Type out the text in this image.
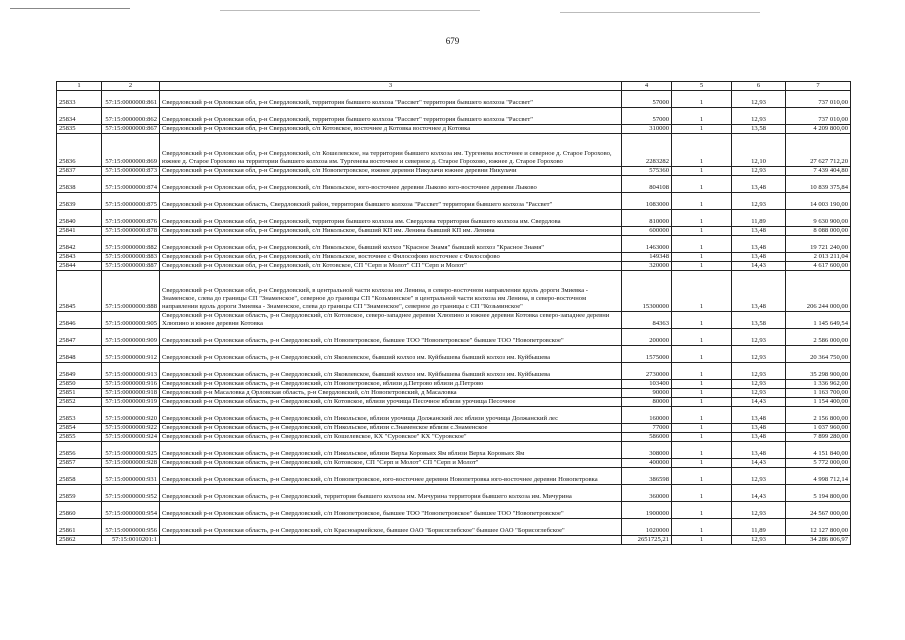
679
1	2	3	4	5	6	7
25833	57:15:0000000:861	Свердловский р-н Орловская обл, р-н Свердловский, территория бывшего колхоза "Рассвет" территория бывшего колхоза "Рассвет"	57000	1	12,93	737 010,00
25834	57:15:0000000:862	Свердловский р-н Орловская обл, р-н Свердловский, территория бывшего колхоза "Рассвет" территория бывшего колхоза "Рассвет"	57000	1	12,93	737 010,00
25835	57:15:0000000:867	Свердловский р-н Орловская обл, р-н Свердловский, с/п Котовское, восточнее д Котовка восточнее д Котовка	310000	1	13,58	4 209 800,00
25836	57:15:0000000:869	Свердловский р-н Орловская обл, р-н Свердловский, с/п Кошелевское, на территории бывшего колхоза им. Тургенева восточнее и северное д. Старое Горохово, южнее д. Старое Горохово на территории бывшего колхоза им. Тургенева восточнее и северное д. Старое Горохово, южнее д. Старое Горохово	2283282	1	12,10	27 627 712,20
25837	57:15:0000000:873	Свердловский р-н Орловская обл, р-н Свердловский, с/п Новопетровское, южнее деревни Никулачи южнее деревни Никулачи	575360	1	12,93	7 439 404,80
25838	57:15:0000000:874	Свердловский р-н Орловская обл, р-н Свердловский, с/п Никольское, юго-восточнее деревни Лыково юго-восточнее деревни Лыково	804108	1	13,48	10 839 375,84
25839	57:15:0000000:875	Свердловский р-н Орловская область, Свердловский район, территория бывшего колхоза "Рассвет" территория бывшего колхоза "Рассвет"	1083000	1	12,93	14 003 190,00
25840	57:15:0000000:876	Свердловский р-н Орловская обл, р-н Свердловский, территория бывшего колхоза им. Свердлова территория бывшего колхоза им. Свердлова	810000	1	11,89	9 630 900,00
25841	57:15:0000000:878	Свердловский р-н Орловская обл, р-н Свердловский, с/п Никольское, бывший КП им. Ленина бывший КП им. Ленина	600000	1	13,48	8 088 000,00
25842	57:15:0000000:882	Свердловский р-н Орловская обл, р-н Свердловский, с/п Никольское, бывший колхоз "Красное Знамя" бывший колхоз "Красное Знамя"	1463000	1	13,48	19 721 240,00
25843	57:15:0000000:883	Свердловский р-н Орловская обл, р-н Свердловский, с/п Никольское, восточнее с Философово восточнее с Философово	149348	1	13,48	2 013 211,04
25844	57:15:0000000:887	Свердловский р-н Орловская обл, р-н Свердловский, с/п Котовское, СП "Серп и Молот" СП "Серп и Молот"	320000	1	14,43	4 617 600,00
25845	57:15:0000000:888	Свердловский р-н Орловская обл, р-н Свердловский, в центральной части колхоза им Ленина, в северо-восточном направлении вдоль дороги Змиевка - Знаменское, слева до границы СП "Знаменское", северное до границы СП "Козьминское" в центральной части колхоза им Ленина, в северо-восточном направлении вдоль дороги Змиевка - Знаменское, слева до границы СП "Знаменское", северное до границы с СП "Козьминское"	15300000	1	13,48	206 244 000,00
25846	57:15:0000000:905	Свердловский р-н Орловская область, р-н Свердловский, с/п Котовское, северо-западнее деревни Хлюпино и южнее деревни Котовка северо-западнее деревни Хлюпино и южнее деревни Котовка	84363	1	13,58	1 145 649,54
25847	57:15:0000000:909	Свердловский р-н Орловская область, р-н Свердловский, с/п Новопетровское, бывшее ТОО "Новопетровское" бывшее ТОО "Новопетровское"	200000	1	12,93	2 586 000,00
25848	57:15:0000000:912	Свердловский р-н Орловская область, р-н Свердловский, с/п Яковлевское, бывший колхоз им. Куйбышева бывший колхоз им. Куйбышева	1575000	1	12,93	20 364 750,00
25849	57:15:0000000:913	Свердловский р-н Орловская область, р-н Свердловский, с/п Яковлевское, бывший колхоз им. Куйбышева бывший колхоз им. Куйбышева	2730000	1	12,93	35 298 900,00
25850	57:15:0000000:916	Свердловский р-н Орловская область, р-н Свердловский, с/п Новопетровское, вблизи д.Петрово вблизи д.Петрово	103400	1	12,93	1 336 962,00
25851	57:15:0000000:918	Свердловский р-н Масаловка д Орловская область, р-н Свердловский, с/п Новопетровский, д Масаловка	90000	1	12,93	1 163 700,00
25852	57:15:0000000:919	Свердловский р-н Орловская область, р-н Свердловский, с/п Котовское, вблизи урочища Песочное вблизи урочища Песочное	80000	1	14,43	1 154 400,00
25853	57:15:0000000:920	Свердловский р-н Орловская область, р-н Свердловский, с/п Никольское, вблизи урочища Должанский лес вблизи урочища Должанский лес	160000	1	13,48	2 156 800,00
25854	57:15:0000000:922	Свердловский р-н Орловская область, р-н Свердловский, с/п Никольское, вблизи с.Знаменское вблизи с.Знаменское	77000	1	13,48	1 037 960,00
25855	57:15:0000000:924	Свердловский р-н Орловская область, р-н Свердловский, с/п Кошелевское, КХ "Суровское" КХ "Суровское"	586000	1	13,48	7 899 280,00
25856	57:15:0000000:925	Свердловский р-н Орловская область, р-н Свердловский, с/п Никольское, вблизи Верха Коровьих Ям вблизи Верха Коровьих Ям	308000	1	13,48	4 151 840,00
25857	57:15:0000000:928	Свердловский р-н Орловская область, р-н Свердловский, с/п Котовское, СП "Серп и Молот" СП "Серп и Молот"	400000	1	14,43	5 772 000,00
25858	57:15:0000000:931	Свердловский р-н Орловская область, р-н Свердловский, с/п Новопетровское, юго-восточнее деревни Новопетровка юго-восточнее деревни Новопетровка	386598	1	12,93	4 998 712,14
25859	57:15:0000000:952	Свердловский р-н Орловская область, р-н Свердловский, территория бывшего колхоза им. Мичурина территория бывшего колхоза им. Мичурина	360000	1	14,43	5 194 800,00
25860	57:15:0000000:954	Свердловский р-н Орловская область, р-н Свердловский, с/п Новопетровское, бывшее ТОО "Новопетровское" бывшее ТОО "Новопетровское"	1900000	1	12,93	24 567 000,00
25861	57:15:0000000:956	Свердловский р-н Орловская область, р-н Свердловский, с/п Красноармейское, бывшее ОАО "Борисоглебское" бывшее ОАО "Борисоглебское"	1020000	1	11,89	12 127 800,00
25862	57:15:0010201:1		2651725,21	1	12,93	34 286 806,97
